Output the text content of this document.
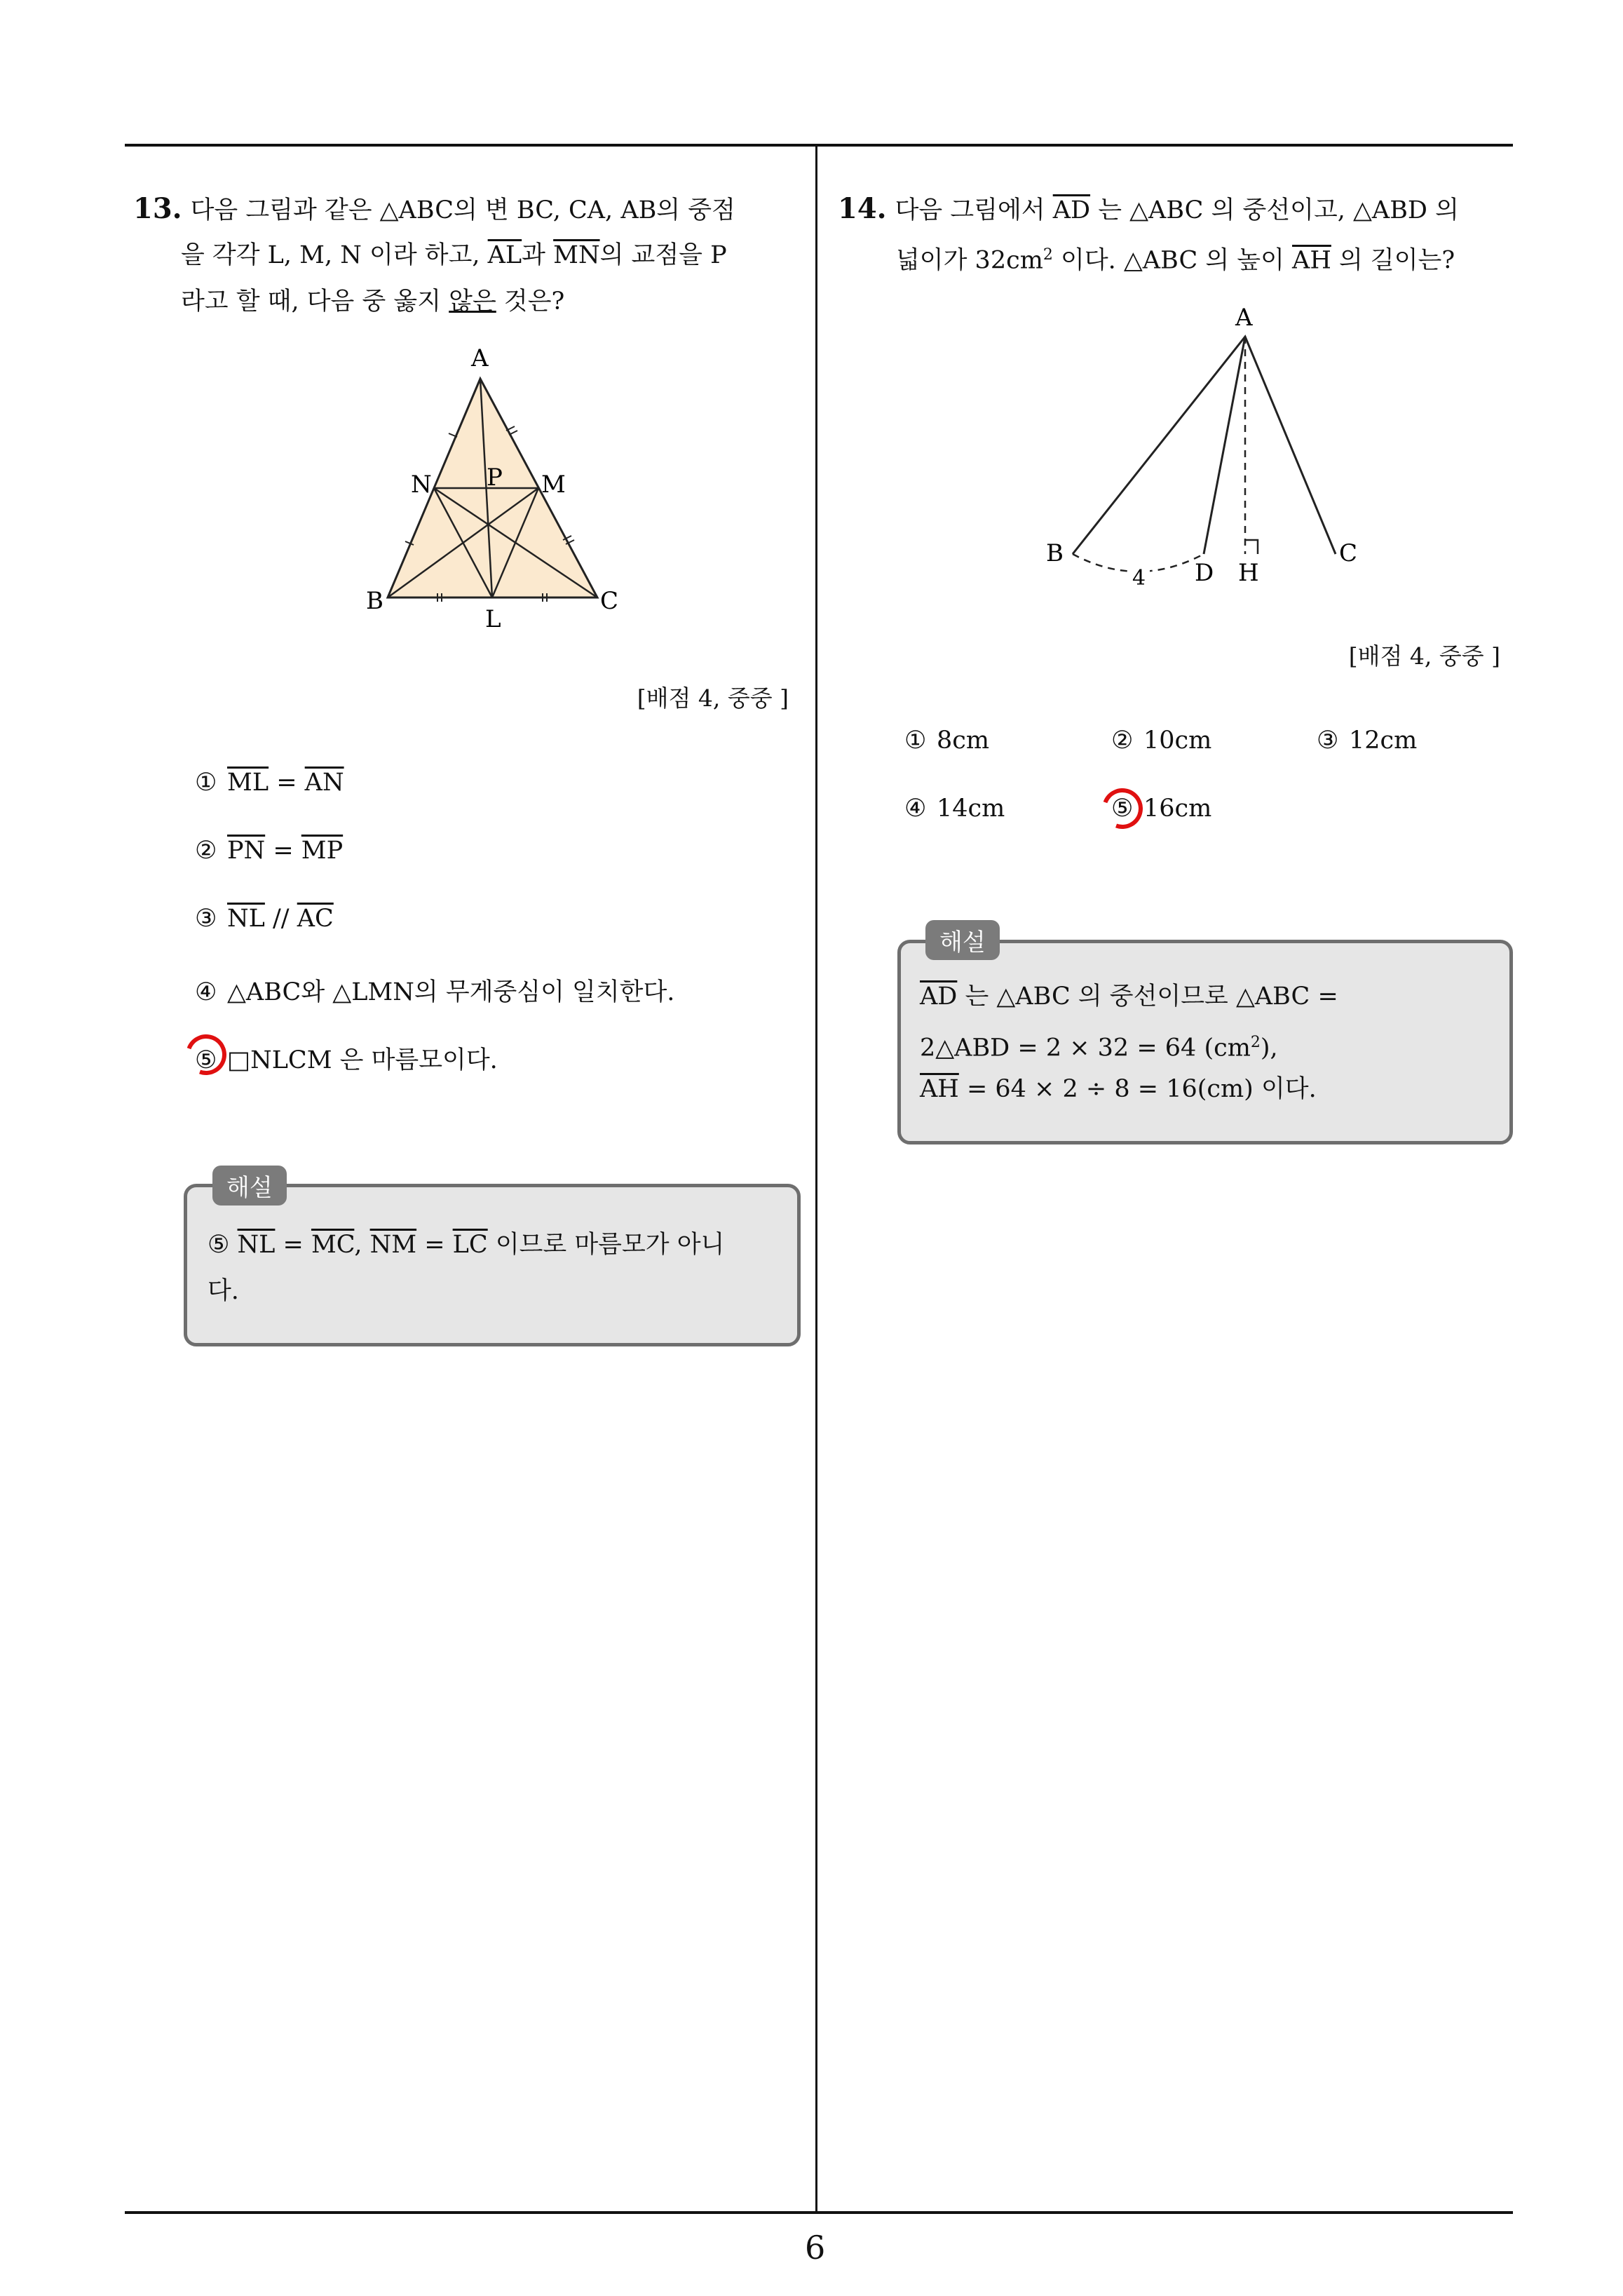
13. 다음 그림과 같은 △ABC의 변 BC, CA, AB의 중점
을 각각 L, M, N 이라 하고, $\overline{AL}$과 $\overline{MN}$의 교점을 P
라고 할 때, 다음 중 옳지 않은 것은?
A
N P M
B	C
L
[배점 4, 중중 ]
① $\overline{ML} = \overline{AN}$
② $\overline{PN} = \overline{MP}$
③ $\overline{NL} // \overline{AC}$
④ △ABC와 △LMN의 무게중심이 일치한다.
⑤ □NLCM 은 마름모이다.
해설
⑤ $\overline{NL} = \overline{MC}$, $\overline{NM} = \overline{LC}$ 이므로 마름모가 아니
다.
14. 다음 그림에서 $\overline{AD}$ 는 △ABC 의 중선이고, △ABD 의
넓이가 $32cm^2$ 이다. △ABC 의 높이 $\overline{AH}$ 의 길이는?
A
B	C
D H
4
[배점 4, 중중 ]
① 8cm	② 10cm	③ 12cm
④ 14cm	⑤ 16cm
해설
$\overline{AD}$ 는 △ABC 의 중선이므로 △ABC =
2△ABD = 2 × 32 = 64 $(cm^2)$,
$\overline{AH} = 64 \times 2 \div 8 = 16(cm)$ 이다.
6
